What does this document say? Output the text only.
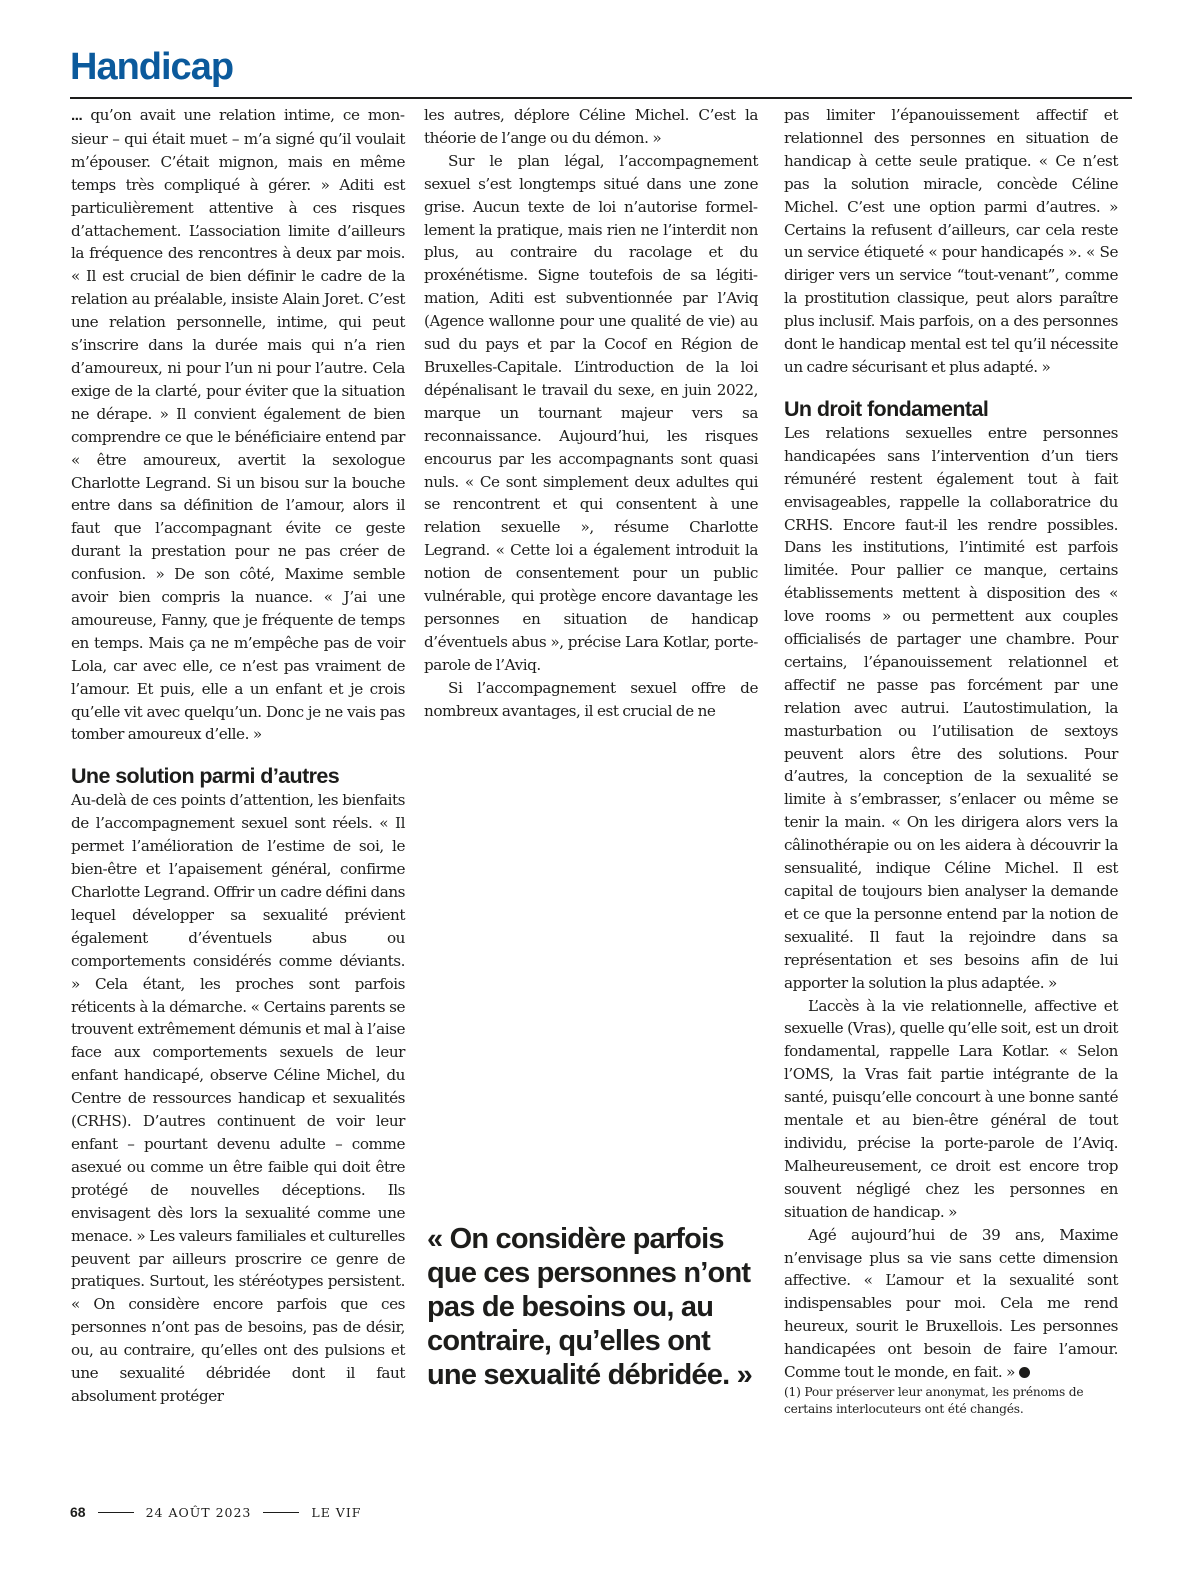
Handicap

... qu’on avait une relation intime, ce monsieur – qui était muet – m’a signé qu’il voulait m’épouser. C’était mignon, mais en même temps très compliqué à gérer. » Aditi est particulièrement attentive à ces risques d’attachement. L’association limite d’ailleurs la fréquence des rencontres à deux par mois. « Il est crucial de bien définir le cadre de la relation au préalable, insiste Alain Joret. C’est une relation personnelle, intime, qui peut s’inscrire dans la durée mais qui n’a rien d’amoureux, ni pour l’un ni pour l’autre. Cela exige de la clarté, pour éviter que la situation ne dérape. » Il convient également de bien comprendre ce que le bénéficiaire entend par « être amoureux, avertit la sexologue Charlotte Legrand. Si un bisou sur la bouche entre dans sa définition de l’amour, alors il faut que l’accompagnant évite ce geste durant la prestation pour ne pas créer de confusion. » De son côté, Maxime semble avoir bien compris la nuance. « J’ai une amoureuse, Fanny, que je fréquente de temps en temps. Mais ça ne m’empêche pas de voir Lola, car avec elle, ce n’est pas vraiment de l’amour. Et puis, elle a un enfant et je crois qu’elle vit avec quelqu’un. Donc je ne vais pas tomber amoureux d’elle. »

Une solution parmi d’autres

Au-delà de ces points d’attention, les bienfaits de l’accompagnement sexuel sont réels. « Il permet l’amélioration de l’estime de soi, le bien-être et l’apaisement général, confirme Charlotte Legrand. Offrir un cadre défini dans lequel développer sa sexualité prévient également d’éventuels abus ou comportements considérés comme déviants. » Cela étant, les proches sont parfois réticents à la démarche. « Certains parents se trouvent extrêmement démunis et mal à l’aise face aux comportements sexuels de leur enfant handicapé, observe Céline Michel, du Centre de ressources handicap et sexualités (CRHS). D’autres continuent de voir leur enfant – pourtant devenu adulte – comme asexué ou comme un être faible qui doit être protégé de nouvelles déceptions. Ils envisagent dès lors la sexualité comme une menace. » Les valeurs familiales et culturelles peuvent par ailleurs proscrire ce genre de pratiques. Surtout, les stéréotypes persistent. « On considère encore parfois que ces personnes n’ont pas de besoins, pas de désir, ou, au contraire, qu’elles ont des pulsions et une sexualité débridée dont il faut absolument protéger

les autres, déplore Céline Michel. C’est la théorie de l’ange ou du démon. »

Sur le plan légal, l’accompagnement sexuel s’est longtemps situé dans une zone grise. Aucun texte de loi n’autorise formellement la pratique, mais rien ne l’interdit non plus, au contraire du racolage et du proxénétisme. Signe toutefois de sa légitimation, Aditi est subventionnée par l’Aviq (Agence wallonne pour une qualité de vie) au sud du pays et par la Cocof en Région de Bruxelles-Capitale. L’introduction de la loi dépénalisant le travail du sexe, en juin 2022, marque un tournant majeur vers sa reconnaissance. Aujourd’hui, les risques encourus par les accompagnants sont quasi nuls. « Ce sont simplement deux adultes qui se rencontrent et qui consentent à une relation sexuelle », résume Charlotte Legrand. « Cette loi a également introduit la notion de consentement pour un public vulnérable, qui protège encore davantage les personnes en situation de handicap d’éventuels abus », précise Lara Kotlar, porte-parole de l’Aviq.

Si l’accompagnement sexuel offre de nombreux avantages, il est crucial de ne

« On considère parfois que ces personnes n’ont pas de besoins ou, au contraire, qu’elles ont une sexualité débridée. »

pas limiter l’épanouissement affectif et relationnel des personnes en situation de handicap à cette seule pratique. « Ce n’est pas la solution miracle, concède Céline Michel. C’est une option parmi d’autres. » Certains la refusent d’ailleurs, car cela reste un service étiqueté « pour handicapés ». « Se diriger vers un service “tout-venant”, comme la prostitution classique, peut alors paraître plus inclusif. Mais parfois, on a des personnes dont le handicap mental est tel qu’il nécessite un cadre sécurisant et plus adapté. »

Un droit fondamental

Les relations sexuelles entre personnes handicapées sans l’intervention d’un tiers rémunéré restent également tout à fait envisageables, rappelle la collaboratrice du CRHS. Encore faut-il les rendre possibles. Dans les institutions, l’intimité est parfois limitée. Pour pallier ce manque, certains établissements mettent à disposition des « love rooms » ou permettent aux couples officialisés de partager une chambre. Pour certains, l’épanouissement relationnel et affectif ne passe pas forcément par une relation avec autrui. L’autostimulation, la masturbation ou l’utilisation de sextoys peuvent alors être des solutions. Pour d’autres, la conception de la sexualité se limite à s’embrasser, s’enlacer ou même se tenir la main. « On les dirigera alors vers la câlinothérapie ou on les aidera à découvrir la sensualité, indique Céline Michel. Il est capital de toujours bien analyser la demande et ce que la personne entend par la notion de sexualité. Il faut la rejoindre dans sa représentation et ses besoins afin de lui apporter la solution la plus adaptée. »

L’accès à la vie relationnelle, affective et sexuelle (Vras), quelle qu’elle soit, est un droit fondamental, rappelle Lara Kotlar. « Selon l’OMS, la Vras fait partie intégrante de la santé, puisqu’elle concourt à une bonne santé mentale et au bien-être général de tout individu, précise la porte-parole de l’Aviq. Malheureusement, ce droit est encore trop souvent négligé chez les personnes en situation de handicap. »

Agé aujourd’hui de 39 ans, Maxime n’envisage plus sa vie sans cette dimension affective. « L’amour et la sexualité sont indispensables pour moi. Cela me rend heureux, sourit le Bruxellois. Les personnes handicapées ont besoin de faire l’amour. Comme tout le monde, en fait. »

(1) Pour préserver leur anonymat, les prénoms de certains interlocuteurs ont été changés.

68	24 AOÛT 2023	LE VIF
